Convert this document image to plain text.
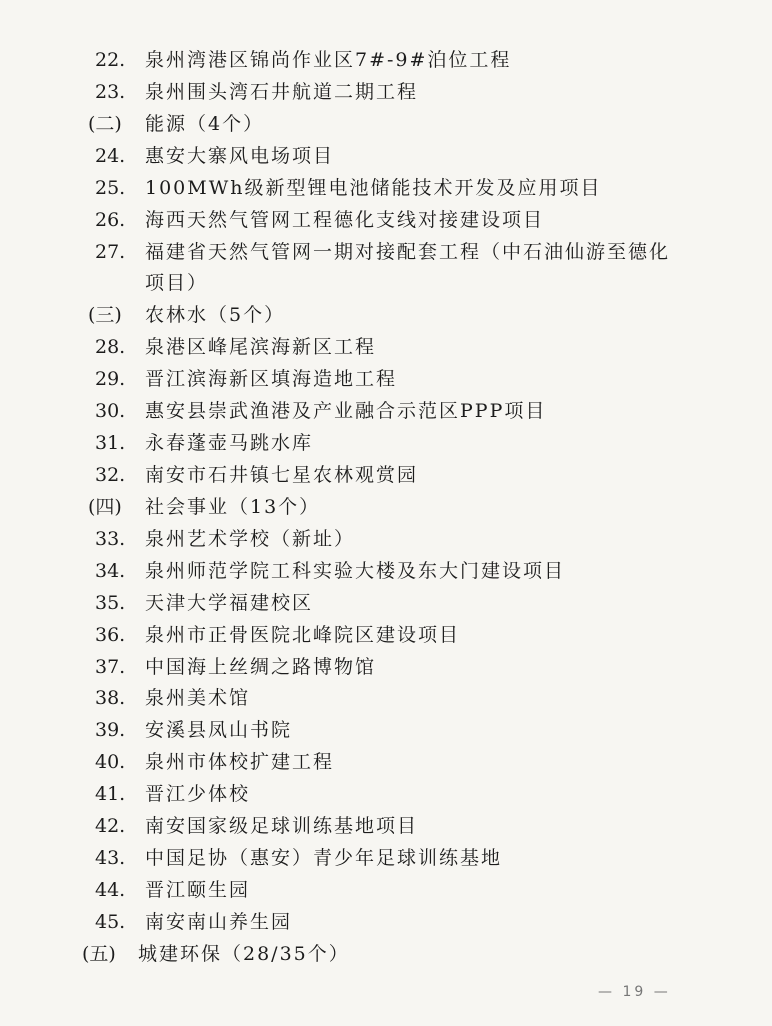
22.	泉州湾港区锦尚作业区7#-9#泊位工程
23.	泉州围头湾石井航道二期工程
(二)	能源（4个）
24.	惠安大寨风电场项目
25.	100MWh级新型锂电池储能技术开发及应用项目
26.	海西天然气管网工程德化支线对接建设项目
27.	福建省天然气管网一期对接配套工程（中石油仙游至德化
项目）
(三)	农林水（5个）
28.	泉港区峰尾滨海新区工程
29.	晋江滨海新区填海造地工程
30.	惠安县崇武渔港及产业融合示范区PPP项目
31.	永春蓬壶马跳水库
32.	南安市石井镇七星农林观赏园
(四)	社会事业（13个）
33.	泉州艺术学校（新址）
34.	泉州师范学院工科实验大楼及东大门建设项目
35.	天津大学福建校区
36.	泉州市正骨医院北峰院区建设项目
37.	中国海上丝绸之路博物馆
38.	泉州美术馆
39.	安溪县凤山书院
40.	泉州市体校扩建工程
41.	晋江少体校
42.	南安国家级足球训练基地项目
43.	中国足协（惠安）青少年足球训练基地
44.	晋江颐生园
45.	南安南山养生园
(五)	城建环保（28/35个）
— 19 —
